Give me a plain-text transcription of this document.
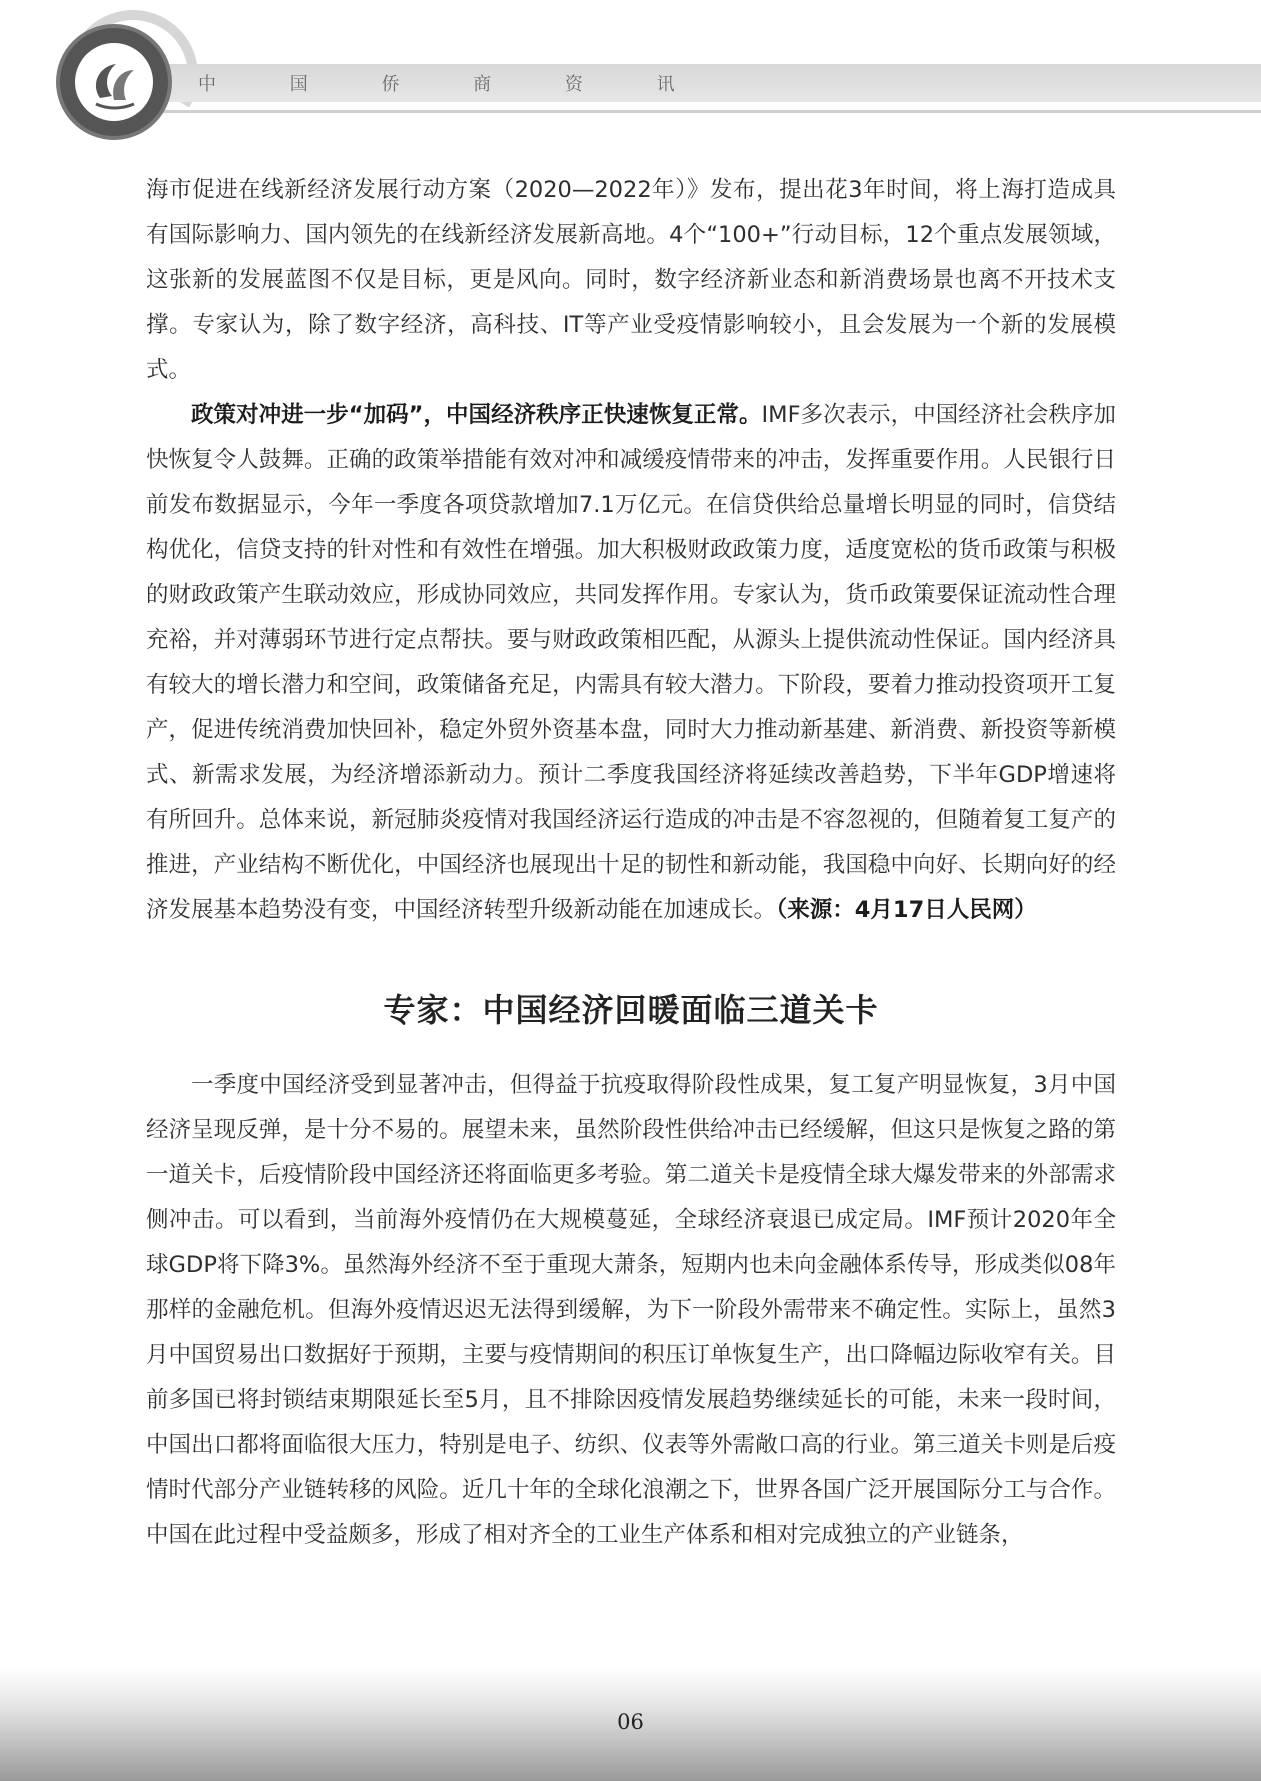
中 国 侨 商 资 讯

海市促进在线新经济发展行动方案（2020—2022年）》发布，提出花3年时间，将上海打造成具有国际影响力、国内领先的在线新经济发展新高地。4个“100+”行动目标，12个重点发展领域，这张新的发展蓝图不仅是目标，更是风向。同时，数字经济新业态和新消费场景也离不开技术支撑。专家认为，除了数字经济，高科技、IT等产业受疫情影响较小，且会发展为一个新的发展模式。

政策对冲进一步“加码”，中国经济秩序正快速恢复正常。IMF多次表示，中国经济社会秩序加快恢复令人鼓舞。正确的政策举措能有效对冲和减缓疫情带来的冲击，发挥重要作用。人民银行日前发布数据显示，今年一季度各项贷款增加7.1万亿元。在信贷供给总量增长明显的同时，信贷结构优化，信贷支持的针对性和有效性在增强。加大积极财政政策力度，适度宽松的货币政策与积极的财政政策产生联动效应，形成协同效应，共同发挥作用。专家认为，货币政策要保证流动性合理充裕，并对薄弱环节进行定点帮扶。要与财政政策相匹配，从源头上提供流动性保证。国内经济具有较大的增长潜力和空间，政策储备充足，内需具有较大潜力。下阶段，要着力推动投资项开工复产，促进传统消费加快回补，稳定外贸外资基本盘，同时大力推动新基建、新消费、新投资等新模式、新需求发展，为经济增添新动力。预计二季度我国经济将延续改善趋势，下半年GDP增速将有所回升。总体来说，新冠肺炎疫情对我国经济运行造成的冲击是不容忽视的，但随着复工复产的推进，产业结构不断优化，中国经济也展现出十足的韧性和新动能，我国稳中向好、长期向好的经济发展基本趋势没有变，中国经济转型升级新动能在加速成长。（来源：4月17日人民网）

专家：中国经济回暖面临三道关卡

一季度中国经济受到显著冲击，但得益于抗疫取得阶段性成果，复工复产明显恢复，3月中国经济呈现反弹，是十分不易的。展望未来，虽然阶段性供给冲击已经缓解，但这只是恢复之路的第一道关卡，后疫情阶段中国经济还将面临更多考验。第二道关卡是疫情全球大爆发带来的外部需求侧冲击。可以看到，当前海外疫情仍在大规模蔓延，全球经济衰退已成定局。IMF预计2020年全球GDP将下降3%。虽然海外经济不至于重现大萧条，短期内也未向金融体系传导，形成类似08年那样的金融危机。但海外疫情迟迟无法得到缓解，为下一阶段外需带来不确定性。实际上，虽然3月中国贸易出口数据好于预期，主要与疫情期间的积压订单恢复生产，出口降幅边际收窄有关。目前多国已将封锁结束期限延长至5月，且不排除因疫情发展趋势继续延长的可能，未来一段时间，中国出口都将面临很大压力，特别是电子、纺织、仪表等外需敞口高的行业。第三道关卡则是后疫情时代部分产业链转移的风险。近几十年的全球化浪潮之下，世界各国广泛开展国际分工与合作。中国在此过程中受益颇多，形成了相对齐全的工业生产体系和相对完成独立的产业链条，

06
